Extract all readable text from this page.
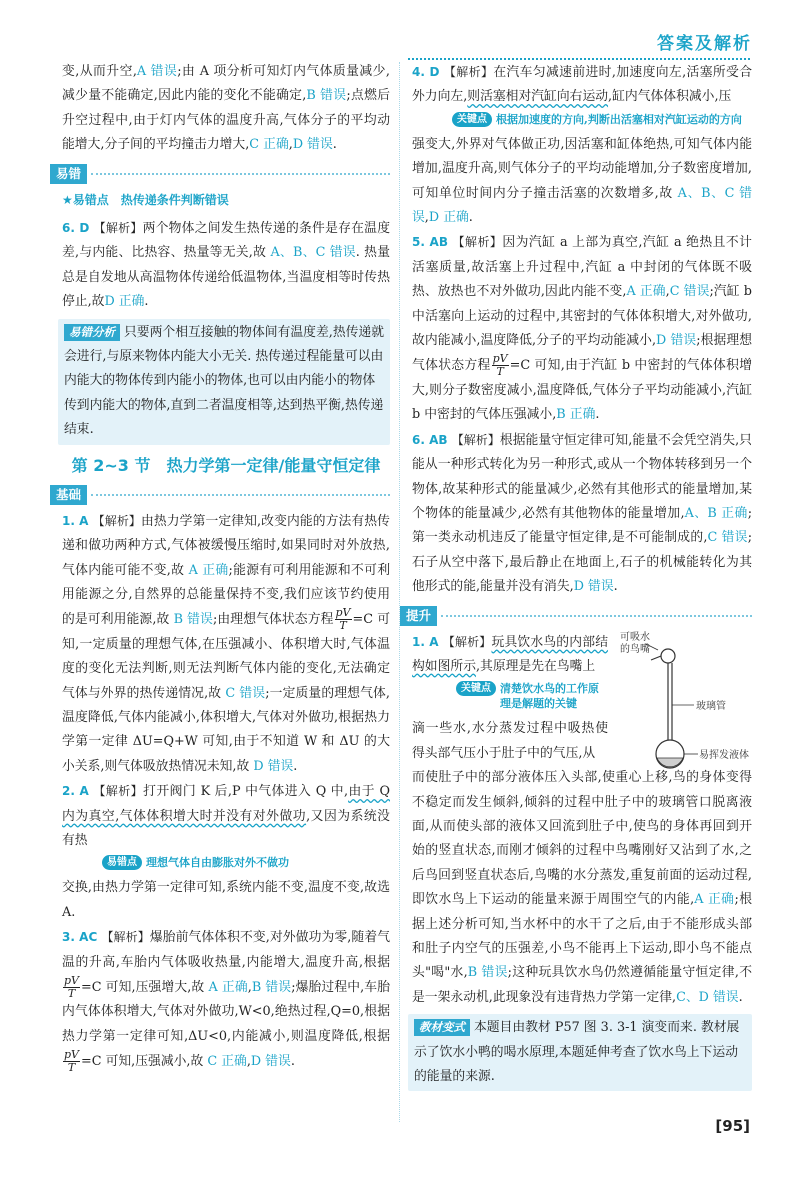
答案及解析

变,从而升空,A 错误;由 A 项分析可知灯内气体质量减少,减少量不能确定,因此内能的变化不能确定,B 错误;点燃后升空过程中,由于灯内气体的温度升高,气体分子的平均动能增大,分子间的平均撞击力增大,C 正确,D 错误.

易错
★易错点　热传递条件判断错误

6. D 【解析】两个物体之间发生热传递的条件是存在温度差,与内能、比热容、热量等无关,故 A、B、C 错误. 热量总是自发地从高温物体传递给低温物体,当温度相等时传热停止,故D 正确.

易错分析 只要两个相互接触的物体间有温度差,热传递就会进行,与原来物体内能大小无关. 热传递过程能量可以由内能大的物体传到内能小的物体,也可以由内能小的物体传到内能大的物体,直到二者温度相等,达到热平衡,热传递结束.
第 2~3 节　热力学第一定律/能量守恒定律
基础

1. A 【解析】由热力学第一定律知,改变内能的方法有热传递和做功两种方式,气体被缓慢压缩时,如果同时对外放热,气体内能可能不变,故 A 正确;能源有可利用能源和不可利用能源之分,自然界的总能量保持不变,我们应该节约使用的是可利用能源,故 B 错误;由理想气体状态方程 $\frac{pV}{T} =C$ 可知,一定质量的理想气体,在压强减小、体积增大时,气体温度的变化无法判断,则无法判断气体内能的变化,无法确定气体与外界的热传递情况,故 C 错误;一定质量的理想气体,温度降低,气体内能减小,体积增大,气体对外做功,根据热力学第一定律 ΔU=Q+W 可知,由于不知道 W 和 ΔU 的大小关系,则气体吸放热情况未知,故 D 错误.

2. A 【解析】打开阀门 K 后,P 中气体进入 Q 中,由于 Q 内为真空,气体体积增大时并没有对外做功,又因为系统没有热

易错点 理想气体自由膨胀对外不做功

交换,由热力学第一定律可知,系统内能不变,温度不变,故选 A.

3. AC 【解析】爆胎前气体体积不变,对外做功为零,随着气温的升高,车胎内气体吸收热量,内能增大,温度升高,根据
$\frac{pV}{T} =C$ 可知,压强增大,故 A 正确,B 错误;爆胎过程中,车胎内气体体积增大,气体对外做功,W<0,绝热过程,Q=0,根据热力学第一定律可知,ΔU<0,内能减小,则温度降低,根据
$\frac{pV}{T} =C$ 可知,压强减小,故 C 正确,D 错误.

4. D 【解析】在汽车匀减速前进时,加速度向左,活塞所受合外力向左,则活塞相对汽缸向右运动,缸内气体体积减小,压

关键点 根据加速度的方向,判断出活塞相对汽缸运动的方向

强变大,外界对气体做正功,因活塞和缸体绝热,可知气体内能增加,温度升高,则气体分子的平均动能增加,分子数密度增加,可知单位时间内分子撞击活塞的次数增多,故 A、B、C 错误,D 正确.

5. AB 【解析】因为汽缸 a 上部为真空,汽缸 a 绝热且不计活塞质量,故活塞上升过程中,汽缸 a 中封闭的气体既不吸热、放热也不对外做功,因此内能不变,A 正确,C 错误;汽缸 b 中活塞向上运动的过程中,其密封的气体体积增大,对外做功,故内能减小,温度降低,分子的平均动能减小,D 错误;根据理想气体状态方程 $\frac{pV}{T} =C$ 可知,由于汽缸 b 中密封的气体体积增大,则分子数密度减小,温度降低,气体分子平均动能减小,汽缸 b 中密封的气体压强减小,B 正确.

6. AB 【解析】根据能量守恒定律可知,能量不会凭空消失,只能从一种形式转化为另一种形式,或从一个物体转移到另一个物体,故某种形式的能量减少,必然有其他形式的能量增加,某个物体的能量减少,必然有其他物体的能量增加,A、B 正确;第一类永动机违反了能量守恒定律,是不可能制成的,C 错误;石子从空中落下,最后静止在地面上,石子的机械能转化为其他形式的能,能量并没有消失,D 错误.

提升
可吸水
的鸟嘴
玻璃管
易挥发液体

1. A 【解析】玩具饮水鸟的内部结构如图所示,其原理是先在鸟嘴上

关键点 清楚饮水鸟的工作原理是解题的关键

滴一些水,水分蒸发过程中吸热使得头部气压小于肚子中的气压,从

而使肚子中的部分液体压入头部,使重心上移,鸟的身体变得不稳定而发生倾斜,倾斜的过程中肚子中的玻璃管口脱离液面,从而使头部的液体又回流到肚子中,使鸟的身体再回到开始的竖直状态,而刚才倾斜的过程中鸟嘴刚好又沾到了水,之后鸟回到竖直状态后,鸟嘴的水分蒸发,重复前面的运动过程,即饮水鸟上下运动的能量来源于周围空气的内能,A 正确;根据上述分析可知,当水杯中的水干了之后,由于不能形成头部和肚子内空气的压强差,小鸟不能再上下运动,即小鸟不能点头"喝"水,B 错误;这种玩具饮水鸟仍然遵循能量守恒定律,不是一架永动机,此现象没有违背热力学第一定律,C、D 错误.

教材变式 本题目由教材 P57 图 3. 3-1 演变而来. 教材展示了饮水小鸭的喝水原理,本题延伸考查了饮水鸟上下运动的能量的来源.
[95]
